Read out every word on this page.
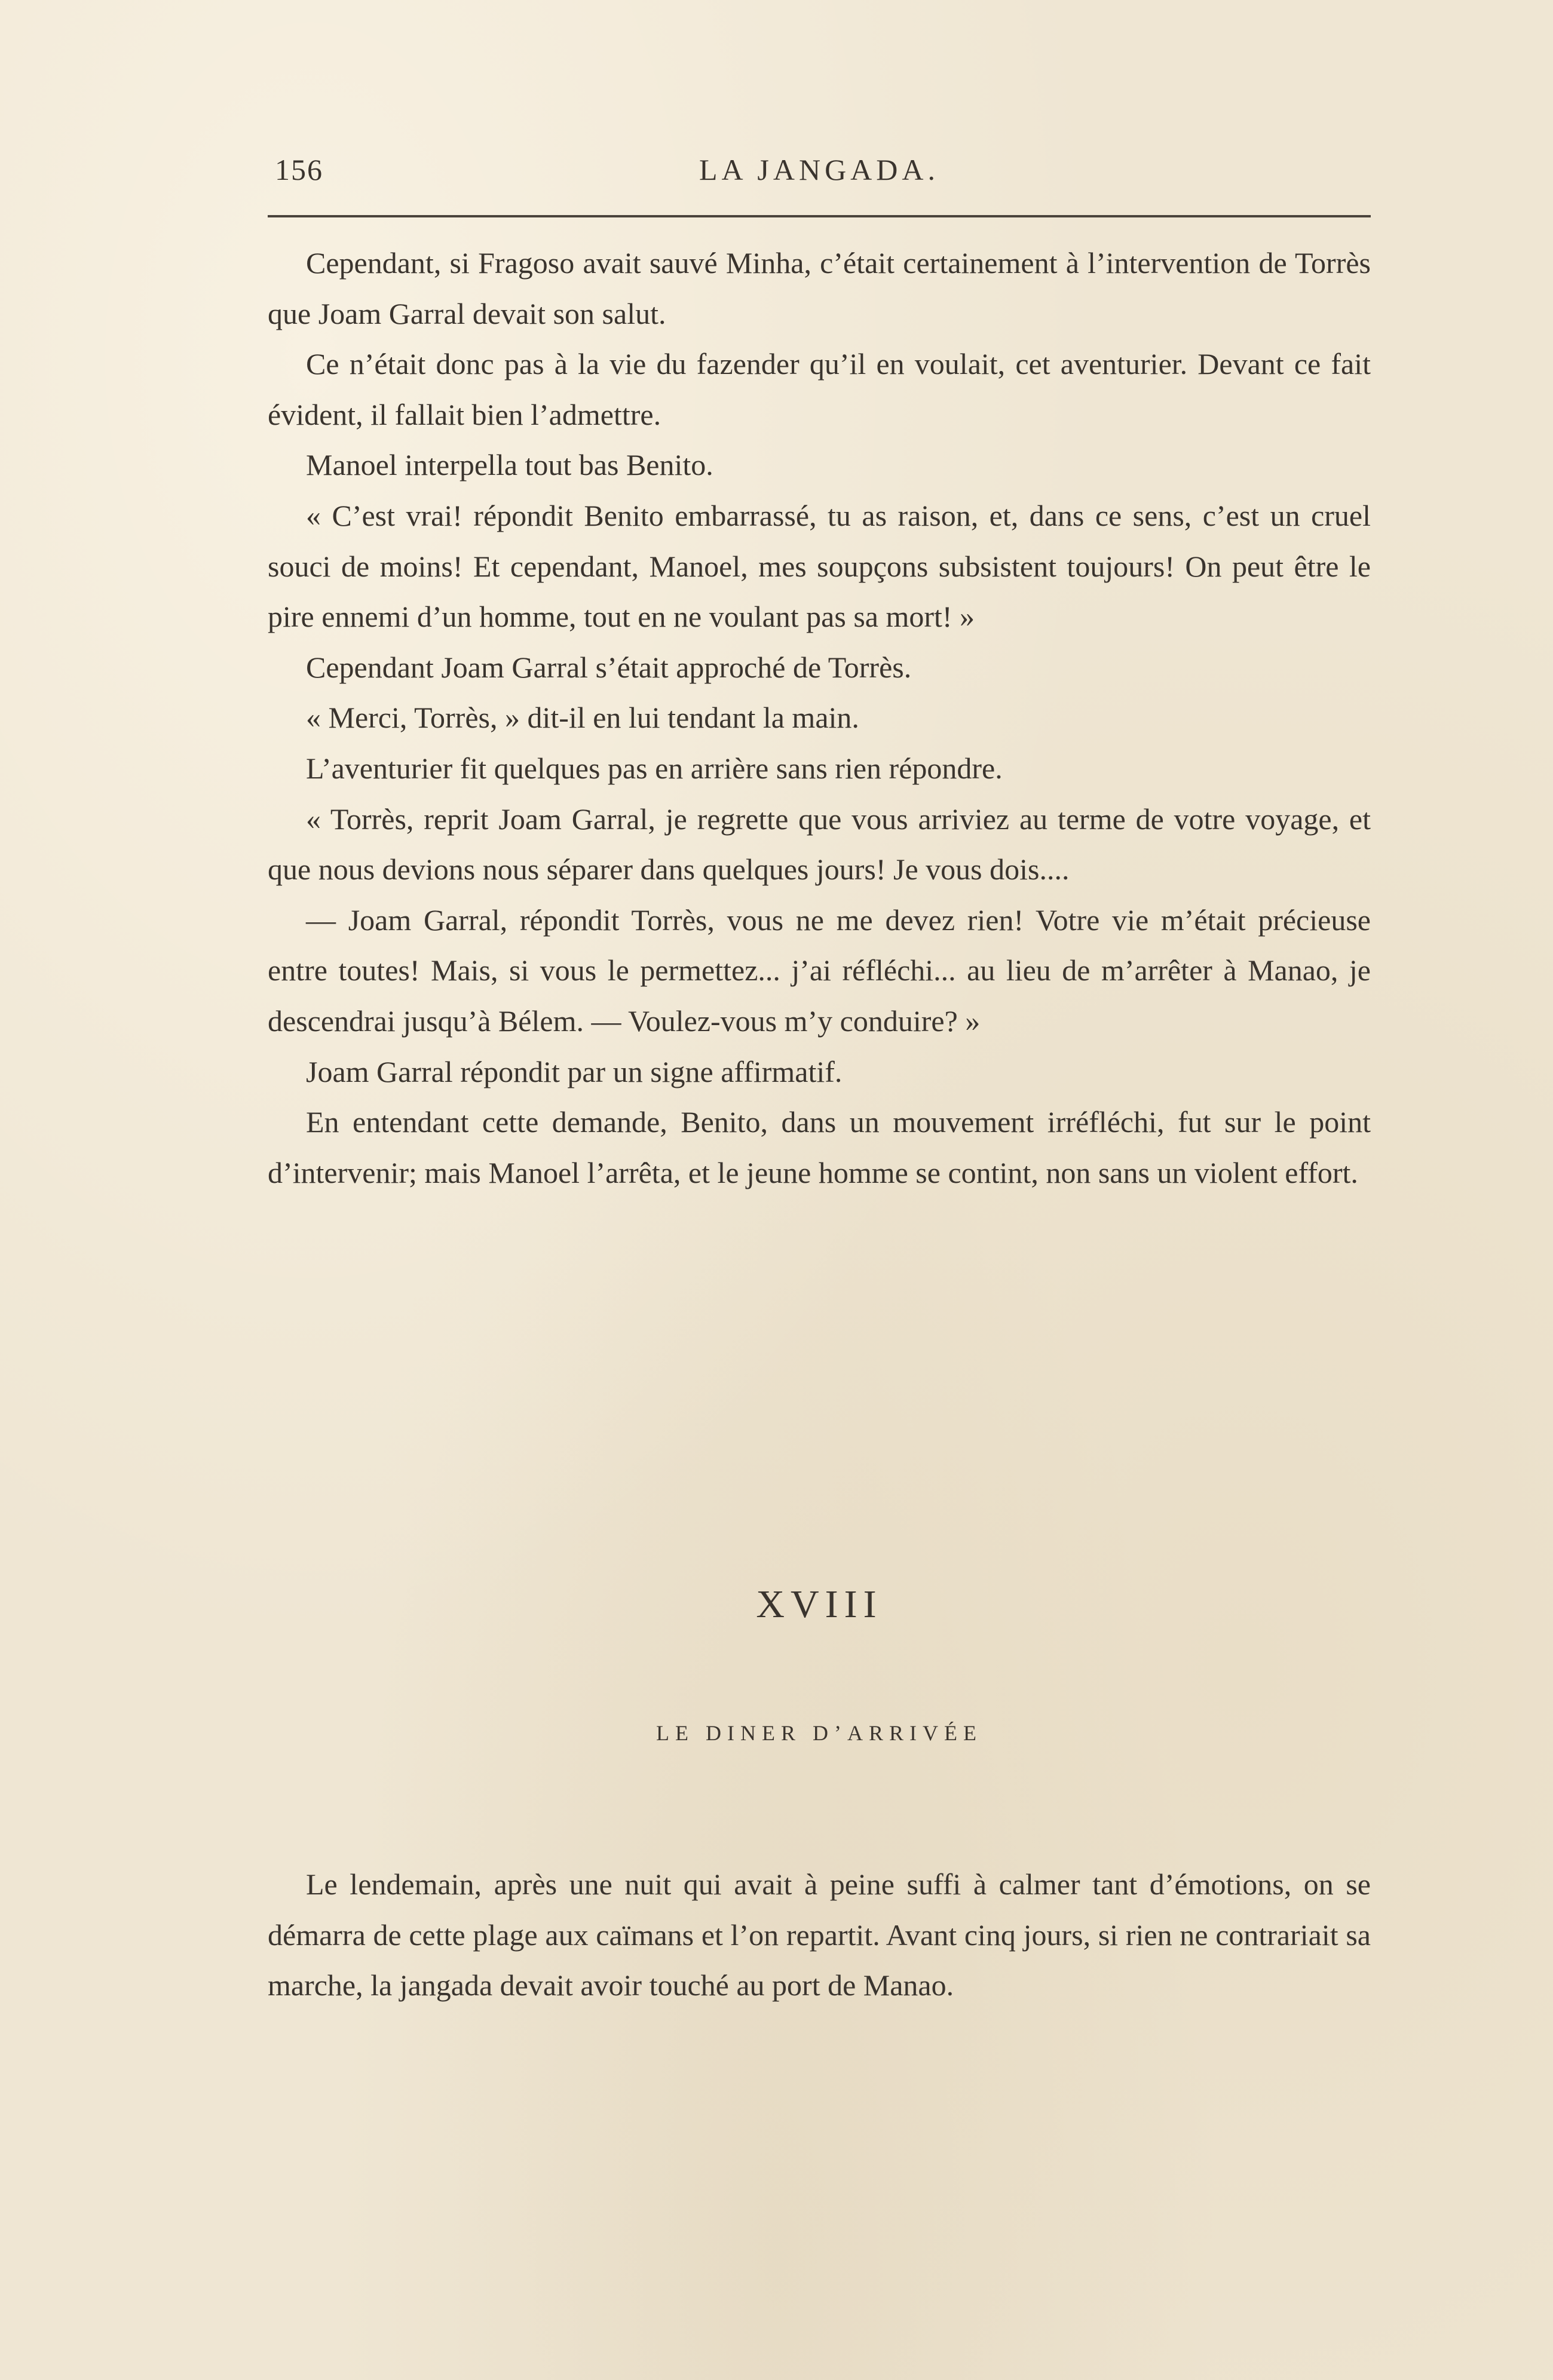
156	LA JANGADA.

Cependant, si Fragoso avait sauvé Minha, c’était certainement à l’intervention de Torrès que Joam Garral devait son salut.

Ce n’était donc pas à la vie du fazender qu’il en voulait, cet aventurier. Devant ce fait évident, il fallait bien l’admettre.

Manoel interpella tout bas Benito.

« C’est vrai! répondit Benito embarrassé, tu as raison, et, dans ce sens, c’est un cruel souci de moins! Et cependant, Manoel, mes soupçons subsistent toujours! On peut être le pire ennemi d’un homme, tout en ne voulant pas sa mort! »

Cependant Joam Garral s’était approché de Torrès.

« Merci, Torrès, » dit-il en lui tendant la main.

L’aventurier fit quelques pas en arrière sans rien répondre.

« Torrès, reprit Joam Garral, je regrette que vous arriviez au terme de votre voyage, et que nous devions nous séparer dans quelques jours! Je vous dois....

— Joam Garral, répondit Torrès, vous ne me devez rien! Votre vie m’était précieuse entre toutes! Mais, si vous le permettez... j’ai réfléchi... au lieu de m’arrêter à Manao, je descendrai jusqu’à Bélem. — Voulez-vous m’y conduire? »

Joam Garral répondit par un signe affirmatif.

En entendant cette demande, Benito, dans un mouvement irréfléchi, fut sur le point d’intervenir; mais Manoel l’arrêta, et le jeune homme se contint, non sans un violent effort.

XVIII
LE DINER D’ARRIVÉE

Le lendemain, après une nuit qui avait à peine suffi à calmer tant d’émotions, on se démarra de cette plage aux caïmans et l’on repartit. Avant cinq jours, si rien ne contrariait sa marche, la jangada devait avoir touché au port de Manao.
